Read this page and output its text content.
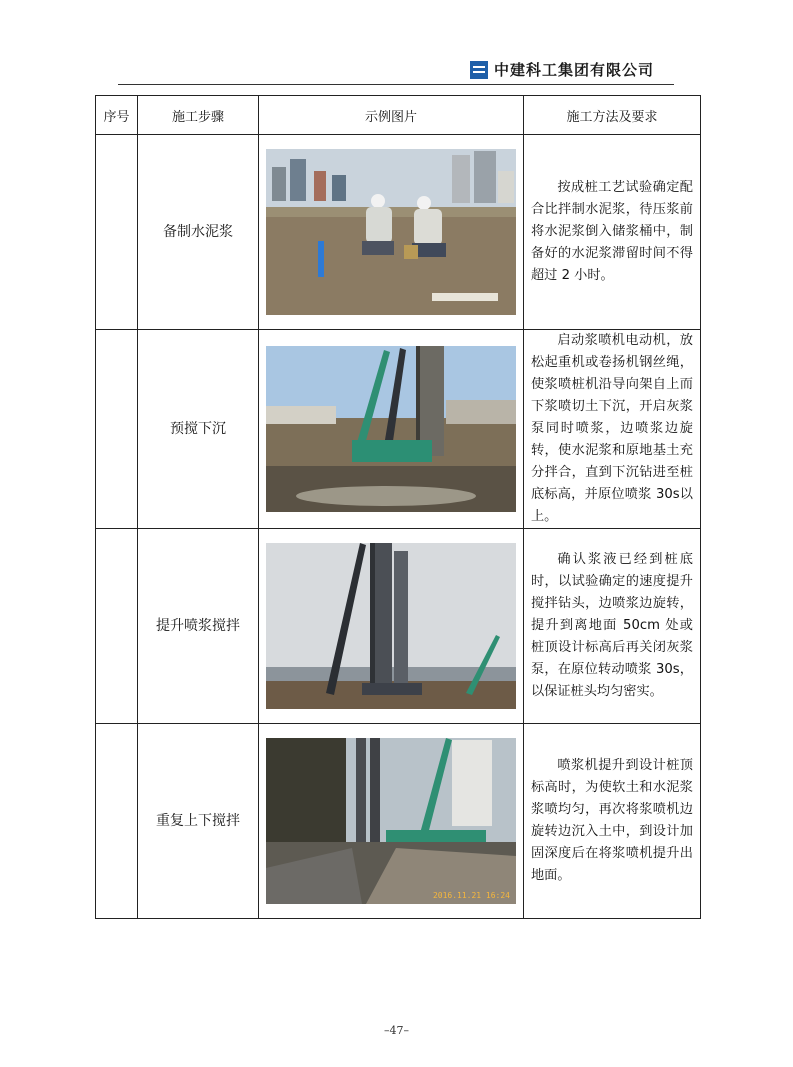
中建科工集团有限公司
序号	施工步骤	示例图片	施工方法及要求

	备制水泥浆		按成桩工艺试验确定配合比拌制水泥浆，待压浆前将水泥浆倒入储浆桶中，制备好的水泥浆滞留时间不得超过 2 小时。

	预搅下沉		启动浆喷机电动机，放松起重机或卷扬机钢丝绳，使浆喷桩机沿导向架自上而下浆喷切土下沉，开启灰浆泵同时喷浆，边喷浆边旋转，使水泥浆和原地基土充分拌合，直到下沉钻进至桩底标高，并原位喷浆 30s以上。

	提升喷浆搅拌		确认浆液已经到桩底时，以试验确定的速度提升搅拌钻头，边喷浆边旋转，提升到离地面 50cm 处或桩顶设计标高后再关闭灰浆泵，在原位转动喷浆 30s，以保证桩头均匀密实。

	重复上下搅拌	2016.11.21 16:24	喷浆机提升到设计桩顶标高时，为使软土和水泥浆浆喷均匀，再次将浆喷机边旋转边沉入土中，到设计加固深度后在将浆喷机提升出地面。
–47–
